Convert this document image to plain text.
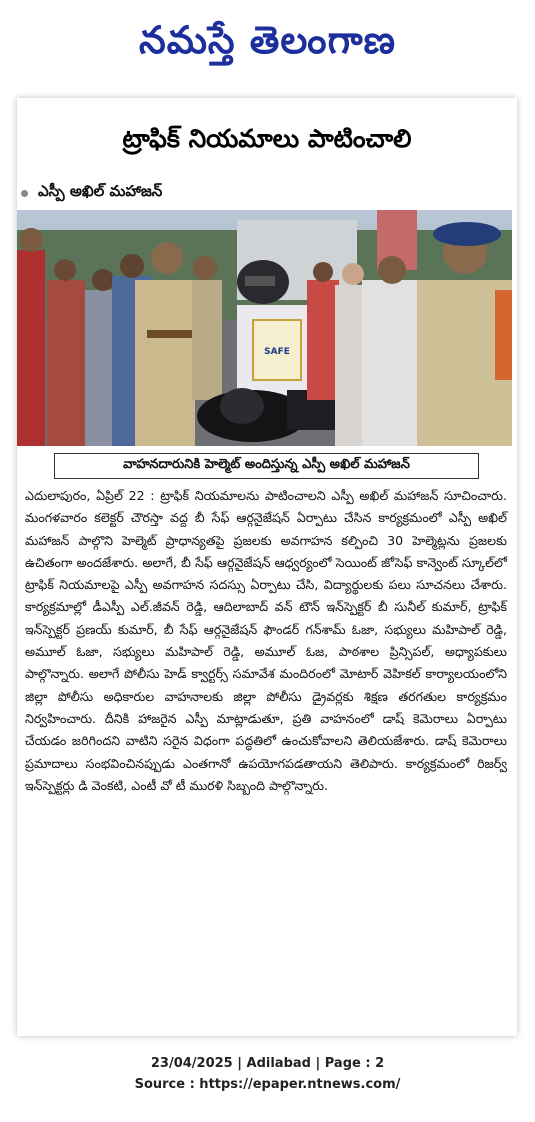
నమస్తే తెలంగాణ
ట్రాఫిక్ నియమాలు పాటించాలి
ఎస్పీ అఖిల్ మహాజన్
SAFE
వాహనదారునికి హెల్మెట్ అందిస్తున్న ఎస్పీ అఖిల్ మహాజన్
ఎదులాపురం, ఏప్రిల్ 22 : ట్రాఫిక్ నియమాలను పాటించాలని ఎస్పీ అఖిల్ మహాజన్ సూచించారు. మంగళవారం కలెక్టర్ చౌరస్తా వద్ద బీ సేఫ్ ఆర్గనైజేషన్ ఏర్పాటు చేసిన కార్యక్రమంలో ఎస్పీ అఖిల్ మహాజన్ పాల్గొని హెల్మెట్ ప్రాధాన్యతపై ప్రజలకు అవగాహన కల్పించి 30 హెల్మెట్లను ప్రజలకు ఉచితంగా అందజేశారు. అలాగే, బీ సేఫ్ ఆర్గనైజేషన్ ఆధ్వర్యంలో సెయింట్ జోసెఫ్ కాన్వెంట్ స్కూల్‌లో ట్రాఫిక్ నియమాలపై ఎస్పీ అవగాహన సదస్సు ఏర్పాటు చేసి, విద్యార్థులకు పలు సూచనలు చేశారు. కార్యక్రమాల్లో డీఎస్పీ ఎల్.జీవన్ రెడ్డి, ఆదిలాబాద్ వన్ టౌన్ ఇన్‌స్పెక్టర్ బీ సునీల్ కుమార్, ట్రాఫిక్ ఇన్‌స్పెక్టర్ ప్రణయ్ కుమార్, బీ సేఫ్ ఆర్గనైజేషన్ ఫౌండర్ గన్‌శామ్ ఓజా, సభ్యులు మహిపాల్ రెడ్డి, అమూల్ ఓజా, సభ్యులు మహిపాల్ రెడ్డి, అమూల్ ఓజ, పాఠశాల ప్రిన్సిపల్, అధ్యాపకులు పాల్గొన్నారు. అలాగే పోలీసు హెడ్ క్వార్టర్స్ సమావేశ మందిరంలో మోటార్ వెహికల్ కార్యాలయంలోని జిల్లా పోలీసు అధికారుల వాహనాలకు జిల్లా పోలీసు డ్రైవర్లకు శిక్షణ తరగతుల కార్యక్రమం నిర్వహించారు. దీనికి హాజరైన ఎస్పీ మాట్లాడుతూ, ప్రతి వాహనంలో డాష్ కెమెరాలు ఏర్పాటు చేయడం జరిగిందని వాటిని సరైన విధంగా పద్ధతిలో ఉంచుకోవాలని తెలియజేశారు. డాష్ కెమెరాలు ప్రమాదాలు సంభవించినప్పుడు ఎంతగానో ఉపయోగపడతాయని తెలిపారు. కార్యక్రమంలో రిజర్వ్ ఇన్‌స్పెక్టర్లు డి వెంకటి, ఎంటీ వో టీ మురళి సిబ్బంది పాల్గొన్నారు.
23/04/2025 | Adilabad | Page : 2
Source : https://epaper.ntnews.com/
